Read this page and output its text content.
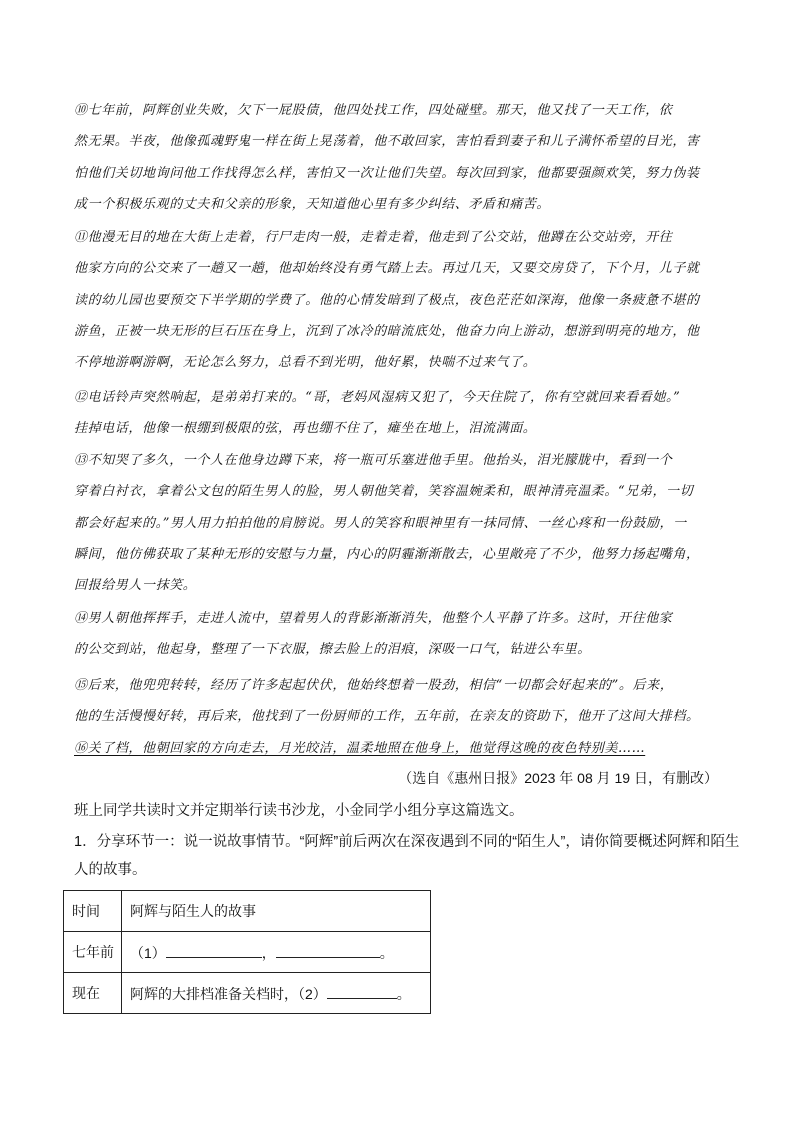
⑩七年前，阿辉创业失败，欠下一屁股债，他四处找工作，四处碰壁。那天，他又找了一天工作，依
然无果。半夜，他像孤魂野鬼一样在街上晃荡着，他不敢回家，害怕看到妻子和儿子满怀希望的目光，害
怕他们关切地询问他工作找得怎么样，害怕又一次让他们失望。每次回到家，他都要强颜欢笑，努力伪装
成一个积极乐观的丈夫和父亲的形象，天知道他心里有多少纠结、矛盾和痛苦。
⑪他漫无目的地在大街上走着，行尸走肉一般，走着走着，他走到了公交站，他蹲在公交站旁，开往
他家方向的公交来了一趟又一趟，他却始终没有勇气踏上去。再过几天，又要交房贷了，下个月，儿子就
读的幼儿园也要预交下半学期的学费了。他的心情发暗到了极点，夜色茫茫如深海，他像一条疲惫不堪的
游鱼，正被一块无形的巨石压在身上，沉到了冰冷的暗流底处，他奋力向上游动，想游到明亮的地方，他
不停地游啊游啊，无论怎么努力，总看不到光明，他好累，快喘不过来气了。
⑫电话铃声突然响起，是弟弟打来的。“哥，老妈风湿病又犯了，今天住院了，你有空就回来看看她。”
挂掉电话，他像一根绷到极限的弦，再也绷不住了，瘫坐在地上，泪流满面。
⑬不知哭了多久，一个人在他身边蹲下来，将一瓶可乐塞进他手里。他抬头，泪光朦胧中，看到一个
穿着白衬衣，拿着公文包的陌生男人的脸，男人朝他笑着，笑容温婉柔和，眼神清亮温柔。“兄弟，一切
都会好起来的。”男人用力拍拍他的肩膀说。男人的笑容和眼神里有一抹同情、一丝心疼和一份鼓励，一
瞬间，他仿佛获取了某种无形的安慰与力量，内心的阴霾渐渐散去，心里敞亮了不少，他努力扬起嘴角，
回报给男人一抹笑。
⑭男人朝他挥挥手，走进人流中，望着男人的背影渐渐消失，他整个人平静了许多。这时，开往他家
的公交到站，他起身，整理了一下衣服，擦去脸上的泪痕，深吸一口气，钻进公车里。
⑮后来，他兜兜转转，经历了许多起起伏伏，他始终想着一股劲，相信“一切都会好起来的”。后来，
他的生活慢慢好转，再后来，他找到了一份厨师的工作，五年前，在亲友的资助下，他开了这间大排档。
⑯关了档，他朝回家的方向走去，月光皎洁，温柔地照在他身上，他觉得这晚的夜色特别美……
（选自《惠州日报》2023 年 08 月 19 日，有删改）
班上同学共读时文并定期举行读书沙龙，小金同学小组分享这篇选文。
1．分享环节一：说一说故事情节。“阿辉”前后两次在深夜遇到不同的“陌生人”，请你简要概述阿辉和陌生
人的故事。
时间	阿辉与陌生人的故事
七年前	（1） ， 。
现在	阿辉的大排档准备关档时，（2） 。
